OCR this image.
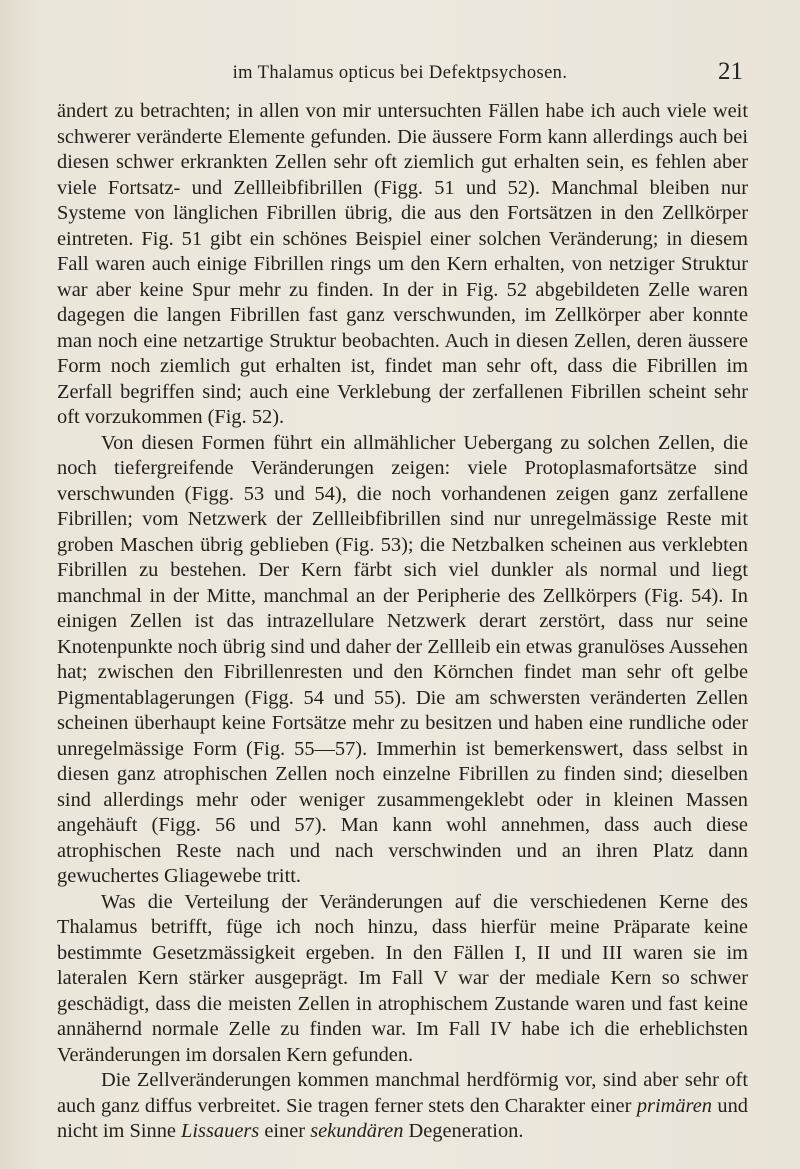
im Thalamus opticus bei Defektpsychosen.	21

ändert zu betrachten; in allen von mir untersuchten Fällen habe ich auch viele weit schwerer veränderte Elemente gefunden. Die äussere Form kann allerdings auch bei diesen schwer erkrankten Zellen sehr oft ziemlich gut erhalten sein, es fehlen aber viele Fortsatz- und Zellleibfibrillen (Figg. 51 und 52). Manchmal bleiben nur Systeme von länglichen Fibrillen übrig, die aus den Fortsätzen in den Zellkörper eintreten. Fig. 51 gibt ein schönes Beispiel einer solchen Veränderung; in diesem Fall waren auch einige Fibrillen rings um den Kern erhalten, von netziger Struktur war aber keine Spur mehr zu finden. In der in Fig. 52 abgebildeten Zelle waren dagegen die langen Fibrillen fast ganz verschwunden, im Zellkörper aber konnte man noch eine netzartige Struktur beobachten. Auch in diesen Zellen, deren äussere Form noch ziemlich gut erhalten ist, findet man sehr oft, dass die Fibrillen im Zerfall begriffen sind; auch eine Verklebung der zerfallenen Fibrillen scheint sehr oft vorzukommen (Fig. 52).

Von diesen Formen führt ein allmählicher Uebergang zu solchen Zellen, die noch tiefergreifende Veränderungen zeigen: viele Protoplasmafortsätze sind verschwunden (Figg. 53 und 54), die noch vorhandenen zeigen ganz zerfallene Fibrillen; vom Netzwerk der Zellleibfibrillen sind nur unregelmässige Reste mit groben Maschen übrig geblieben (Fig. 53); die Netzbalken scheinen aus verklebten Fibrillen zu bestehen. Der Kern färbt sich viel dunkler als normal und liegt manchmal in der Mitte, manchmal an der Peripherie des Zellkörpers (Fig. 54). In einigen Zellen ist das intrazellulare Netzwerk derart zerstört, dass nur seine Knotenpunkte noch übrig sind und daher der Zellleib ein etwas granulöses Aussehen hat; zwischen den Fibrillenresten und den Körnchen findet man sehr oft gelbe Pigmentablagerungen (Figg. 54 und 55). Die am schwersten veränderten Zellen scheinen überhaupt keine Fortsätze mehr zu besitzen und haben eine rundliche oder unregelmässige Form (Fig. 55—57). Immerhin ist bemerkenswert, dass selbst in diesen ganz atrophischen Zellen noch einzelne Fibrillen zu finden sind; dieselben sind allerdings mehr oder weniger zusammengeklebt oder in kleinen Massen angehäuft (Figg. 56 und 57). Man kann wohl annehmen, dass auch diese atrophischen Reste nach und nach verschwinden und an ihren Platz dann gewuchertes Gliagewebe tritt.

Was die Verteilung der Veränderungen auf die verschiedenen Kerne des Thalamus betrifft, füge ich noch hinzu, dass hierfür meine Präparate keine bestimmte Gesetzmässigkeit ergeben. In den Fällen I, II und III waren sie im lateralen Kern stärker ausgeprägt. Im Fall V war der mediale Kern so schwer geschädigt, dass die meisten Zellen in atrophischem Zustande waren und fast keine annähernd normale Zelle zu finden war. Im Fall IV habe ich die erheblichsten Veränderungen im dorsalen Kern gefunden.

Die Zellveränderungen kommen manchmal herdförmig vor, sind aber sehr oft auch ganz diffus verbreitet. Sie tragen ferner stets den Charakter einer primären und nicht im Sinne Lissauers einer sekundären Degeneration.
